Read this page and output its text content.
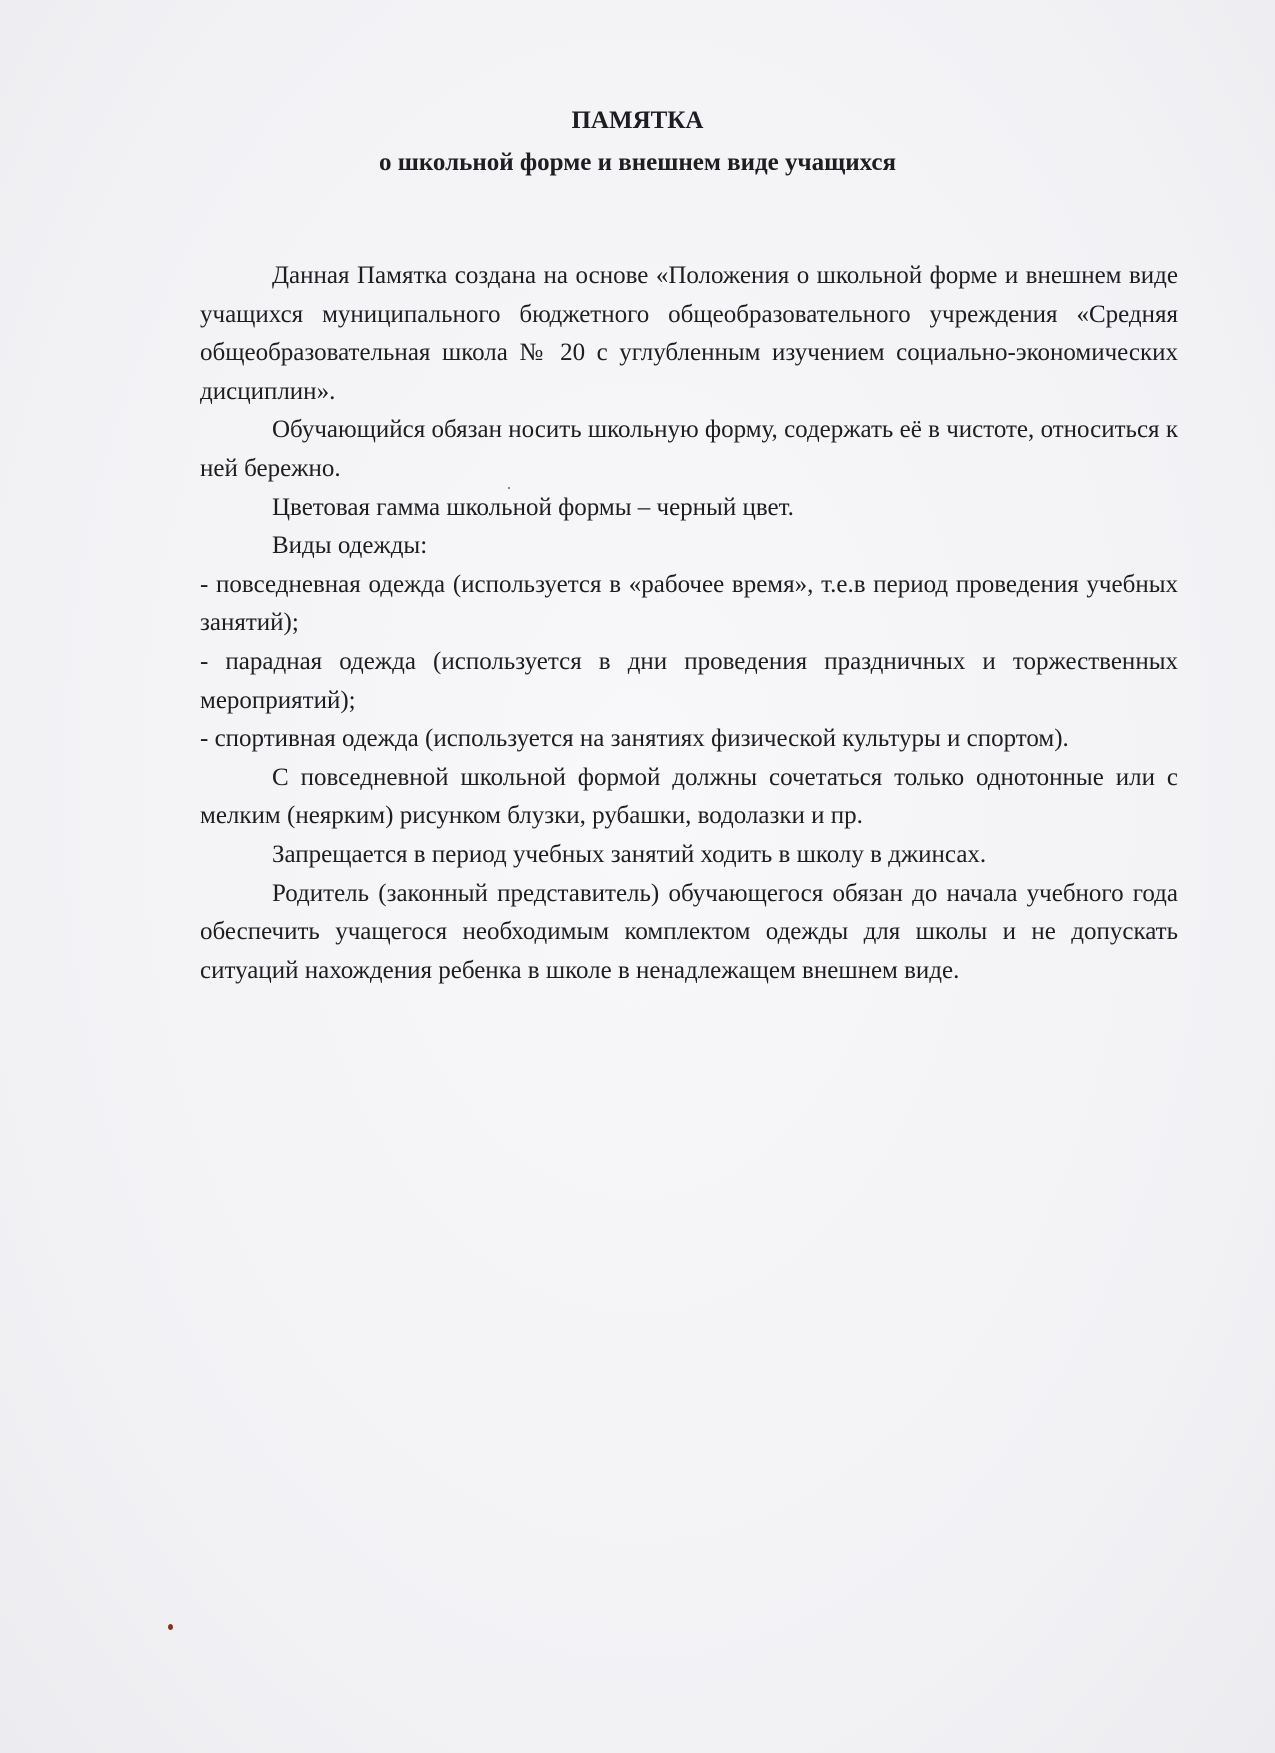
ПАМЯТКА
о школьной форме и внешнем виде учащихся

Данная Памятка создана на основе «Положения о школьной форме и внешнем виде учащихся муниципального бюджетного общеобразовательного учреждения «Средняя общеобразовательная школа № 20 с углубленным изучением социально-экономических дисциплин».

Обучающийся обязан носить школьную форму, содержать её в чистоте, относиться к ней бережно.

Цветовая гамма школьной формы – черный цвет.

Виды одежды:

- повседневная одежда (используется в «рабочее время», т.е.в период проведения учебных занятий);

- парадная одежда (используется в дни проведения праздничных и торжественных мероприятий);

- спортивная одежда (используется на занятиях физической культуры и спортом).

С повседневной школьной формой должны сочетаться только однотонные или с мелким (неярким) рисунком блузки, рубашки, водолазки и пр.

Запрещается в период учебных занятий ходить в школу в джинсах.

Родитель (законный представитель) обучающегося обязан до начала учебного года обеспечить учащегося необходимым комплектом одежды для школы и не допускать ситуаций нахождения ребенка в школе в ненадлежащем внешнем виде.
